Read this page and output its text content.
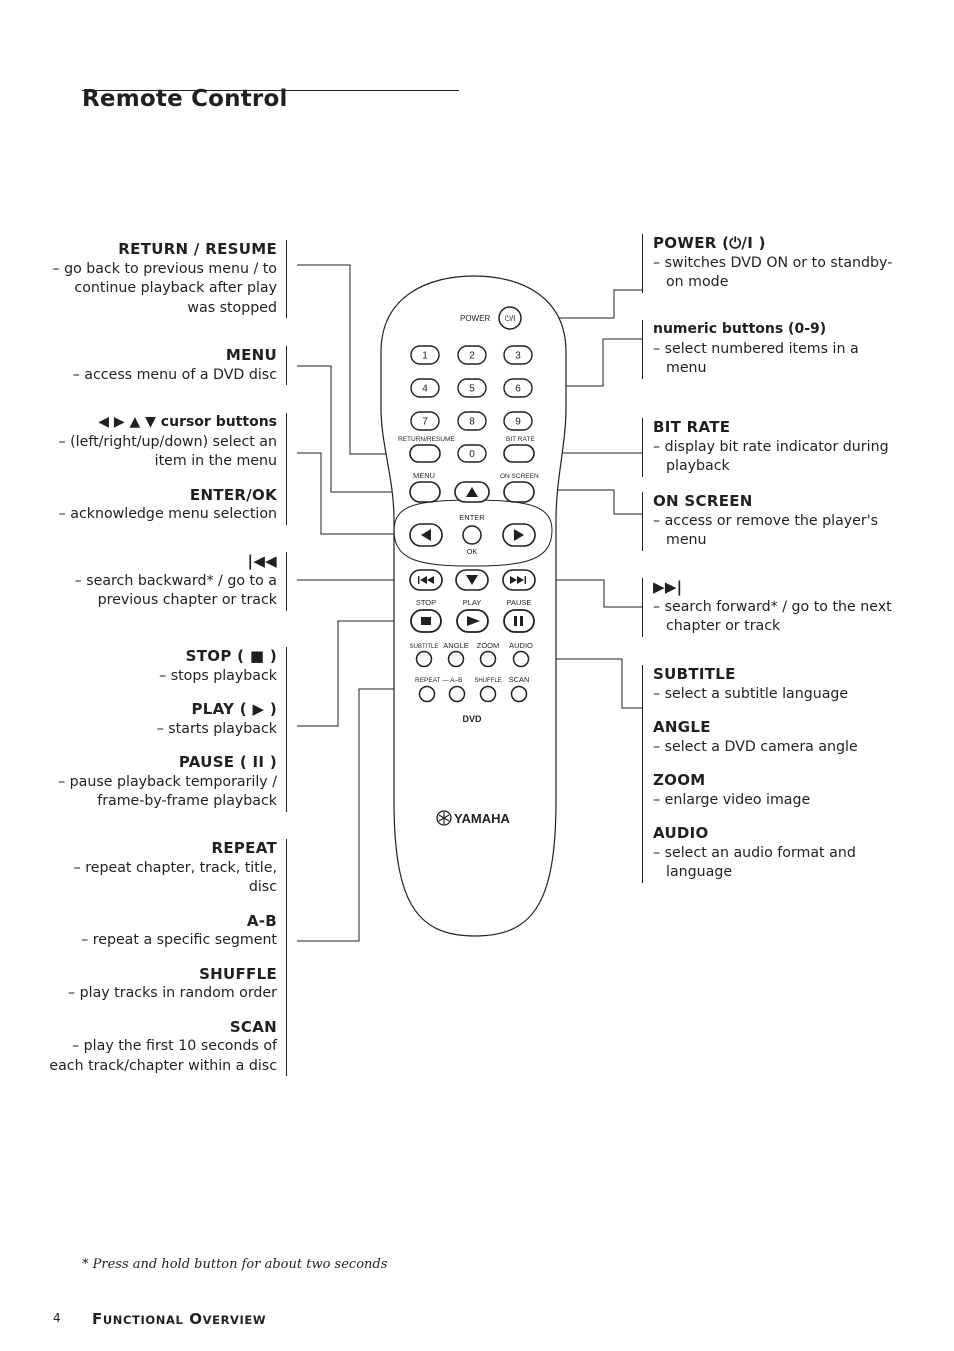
Remote Control
RETURN / RESUME
– go back to previous menu / to continue playback after play was stopped
MENU
– access menu of a DVD disc
◀ ▶ ▲ ▼ cursor buttons
– (left/right/up/down) select an item in the menu
ENTER/OK
– acknowledge menu selection
|◀◀
– search backward* / go to a previous chapter or track
STOP ( ■ )
– stops playback
PLAY ( ▶ )
– starts playback
PAUSE ( II )
– pause playback temporarily / frame-by-frame playback
REPEAT
– repeat chapter, track, title, disc
A-B
– repeat a specific segment
SHUFFLE
– play tracks in random order
SCAN
– play the first 10 seconds of each track/chapter within a disc
POWER (⏻/I )
– switches DVD ON or to standby-on mode
numeric buttons (0-9)
– select numbered items in a menu
BIT RATE
– display bit rate indicator during playback
ON SCREEN
– access or remove the player's menu
▶▶|
– search forward* / go to the next chapter or track
SUBTITLE
– select a subtitle language
ANGLE
– select a DVD camera angle
ZOOM
– enlarge video image
AUDIO
– select an audio format and language
POWER ⏻/I
1	2	3
4	5	6
7	8	9
0
RETURN/RESUME	BIT RATE
MENU	ON SCREEN
ENTER
OK
STOP	PLAY	PAUSE
SUBTITLE ANGLE ZOOM AUDIO
REPEAT — A–B SHUFFLE SCAN
DVD
YAMAHA
* Press and hold button for about two seconds
4 FUNCTIONAL OVERVIEW
